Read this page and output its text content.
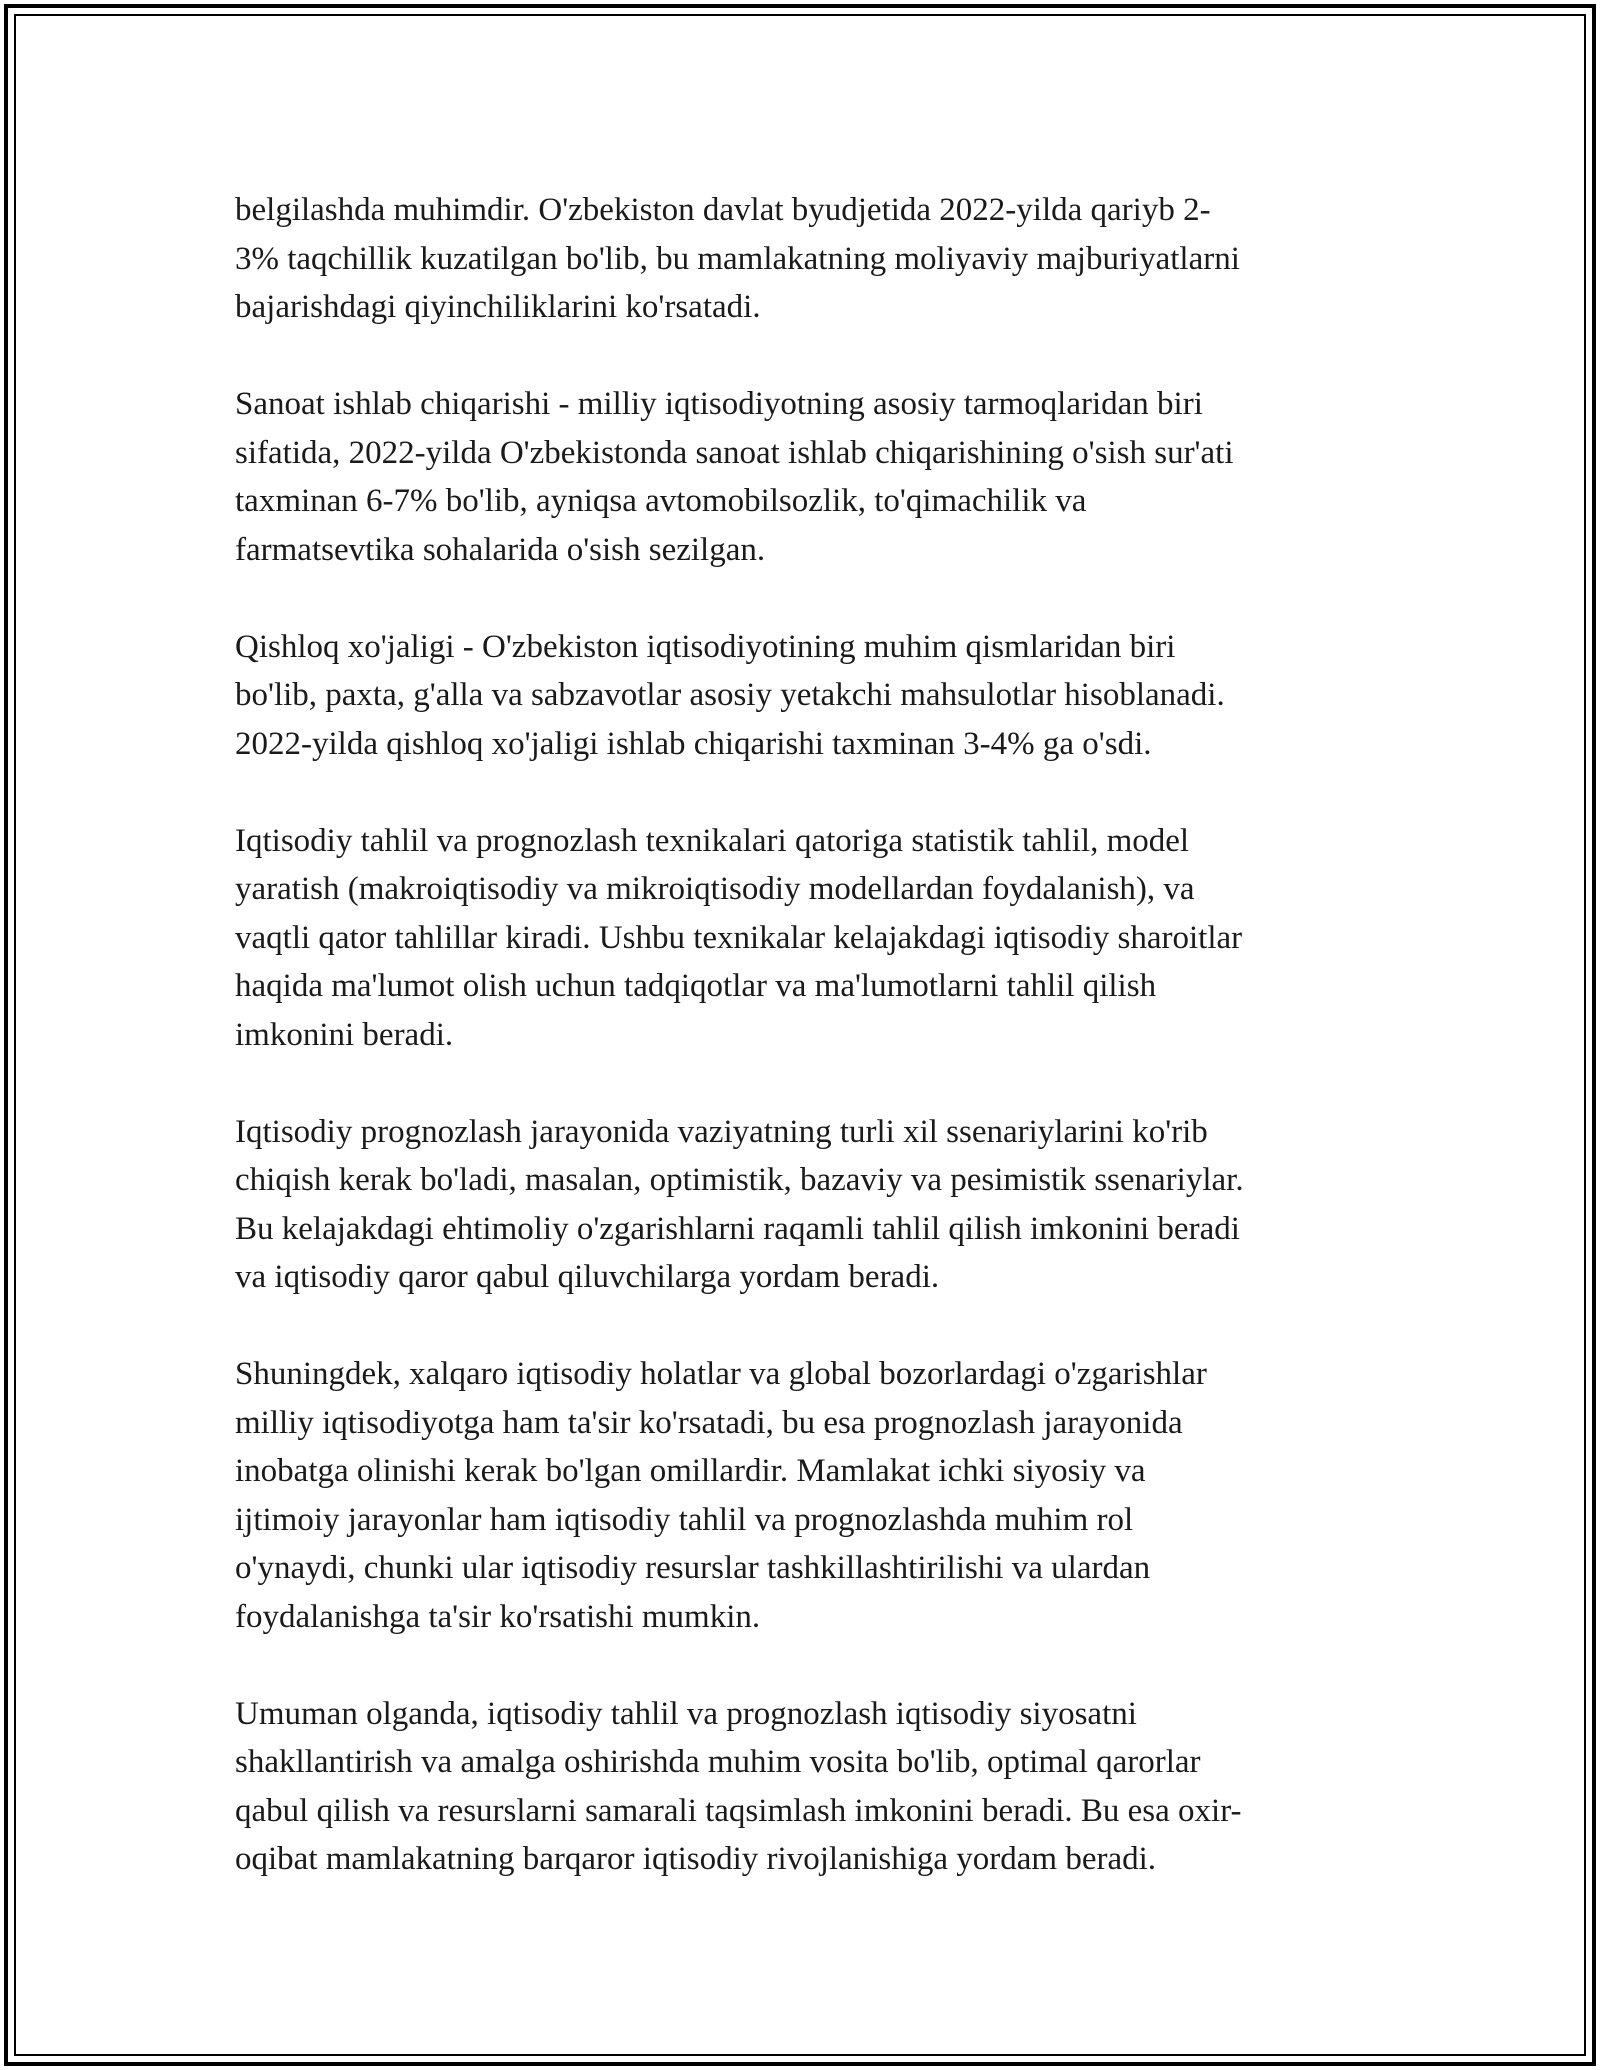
belgilashda muhimdir. O'zbekiston davlat byudjetida 2022-yilda qariyb 2-
3% taqchillik kuzatilgan bo'lib, bu mamlakatning moliyaviy majburiyatlarni
bajarishdagi qiyinchiliklarini ko'rsatadi.
Sanoat ishlab chiqarishi - milliy iqtisodiyotning asosiy tarmoqlaridan biri
sifatida, 2022-yilda O'zbekistonda sanoat ishlab chiqarishining o'sish sur'ati
taxminan 6-7% bo'lib, ayniqsa avtomobilsozlik, to'qimachilik va
farmatsevtika sohalarida o'sish sezilgan.
Qishloq xo'jaligi - O'zbekiston iqtisodiyotining muhim qismlaridan biri
bo'lib, paxta, g'alla va sabzavotlar asosiy yetakchi mahsulotlar hisoblanadi.
2022-yilda qishloq xo'jaligi ishlab chiqarishi taxminan 3-4% ga o'sdi.
Iqtisodiy tahlil va prognozlash texnikalari qatoriga statistik tahlil, model
yaratish (makroiqtisodiy va mikroiqtisodiy modellardan foydalanish), va
vaqtli qator tahlillar kiradi. Ushbu texnikalar kelajakdagi iqtisodiy sharoitlar
haqida ma'lumot olish uchun tadqiqotlar va ma'lumotlarni tahlil qilish
imkonini beradi.
Iqtisodiy prognozlash jarayonida vaziyatning turli xil ssenariylarini ko'rib
chiqish kerak bo'ladi, masalan, optimistik, bazaviy va pesimistik ssenariylar.
Bu kelajakdagi ehtimoliy o'zgarishlarni raqamli tahlil qilish imkonini beradi
va iqtisodiy qaror qabul qiluvchilarga yordam beradi.
Shuningdek, xalqaro iqtisodiy holatlar va global bozorlardagi o'zgarishlar
milliy iqtisodiyotga ham ta'sir ko'rsatadi, bu esa prognozlash jarayonida
inobatga olinishi kerak bo'lgan omillardir. Mamlakat ichki siyosiy va
ijtimoiy jarayonlar ham iqtisodiy tahlil va prognozlashda muhim rol
o'ynaydi, chunki ular iqtisodiy resurslar tashkillashtirilishi va ulardan
foydalanishga ta'sir ko'rsatishi mumkin.
Umuman olganda, iqtisodiy tahlil va prognozlash iqtisodiy siyosatni
shakllantirish va amalga oshirishda muhim vosita bo'lib, optimal qarorlar
qabul qilish va resurslarni samarali taqsimlash imkonini beradi. Bu esa oxir-
oqibat mamlakatning barqaror iqtisodiy rivojlanishiga yordam beradi.
